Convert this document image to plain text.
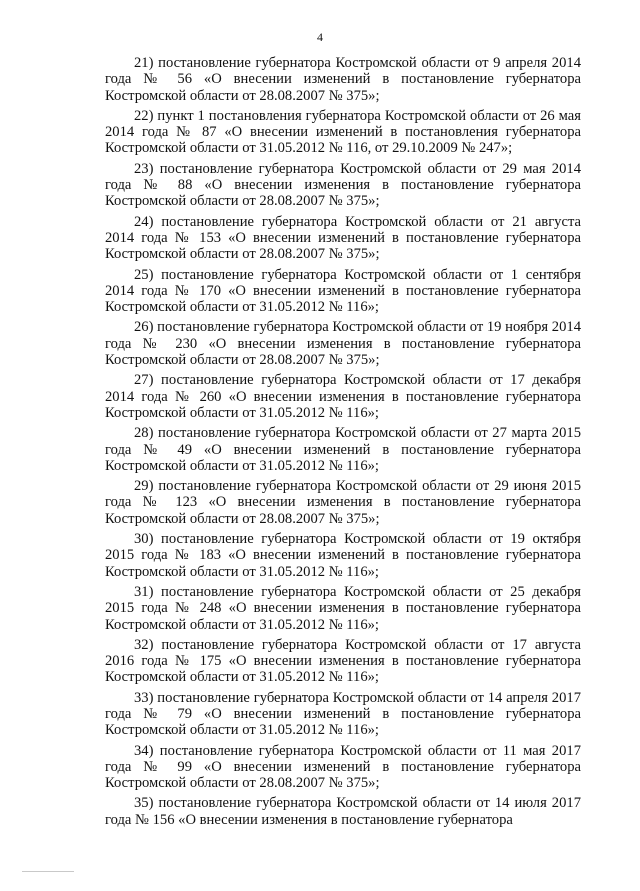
4

21) постановление губернатора Костромской области от 9 апреля 2014 года № 56 «О внесении изменений в постановление губернатора Костромской области от 28.08.2007 № 375»;

22) пункт 1 постановления губернатора Костромской области от 26 мая 2014 года № 87 «О внесении изменений в постановления губернатора Костромской области от 31.05.2012 № 116, от 29.10.2009 № 247»;

23) постановление губернатора Костромской области от 29 мая 2014 года № 88 «О внесении изменения в постановление губернатора Костромской области от 28.08.2007 № 375»;

24) постановление губернатора Костромской области от 21 августа 2014 года № 153 «О внесении изменений в постановление губернатора Костромской области от 28.08.2007 № 375»;

25) постановление губернатора Костромской области от 1 сентября 2014 года № 170 «О внесении изменений в постановление губернатора Костромской области от 31.05.2012 № 116»;

26) постановление губернатора Костромской области от 19 ноября 2014 года № 230 «О внесении изменения в постановление губернатора Костромской области от 28.08.2007 № 375»;

27) постановление губернатора Костромской области от 17 декабря 2014 года № 260 «О внесении изменения в постановление губернатора Костромской области от 31.05.2012 № 116»;

28) постановление губернатора Костромской области от 27 марта 2015 года № 49 «О внесении изменений в постановление губернатора Костромской области от 31.05.2012 № 116»;

29) постановление губернатора Костромской области от 29 июня 2015 года № 123 «О внесении изменения в постановление губернатора Костромской области от 28.08.2007 № 375»;

30) постановление губернатора Костромской области от 19 октября 2015 года № 183 «О внесении изменений в постановление губернатора Костромской области от 31.05.2012 № 116»;

31) постановление губернатора Костромской области от 25 декабря 2015 года № 248 «О внесении изменения в постановление губернатора Костромской области от 31.05.2012 № 116»;

32) постановление губернатора Костромской области от 17 августа 2016 года № 175 «О внесении изменения в постановление губернатора Костромской области от 31.05.2012 № 116»;

33) постановление губернатора Костромской области от 14 апреля 2017 года № 79 «О внесении изменений в постановление губернатора Костромской области от 31.05.2012 № 116»;

34) постановление губернатора Костромской области от 11 мая 2017 года № 99 «О внесении изменений в постановление губернатора Костромской области от 28.08.2007 № 375»;

35) постановление губернатора Костромской области от 14 июля 2017 года № 156 «О внесении изменения в постановление губернатора
